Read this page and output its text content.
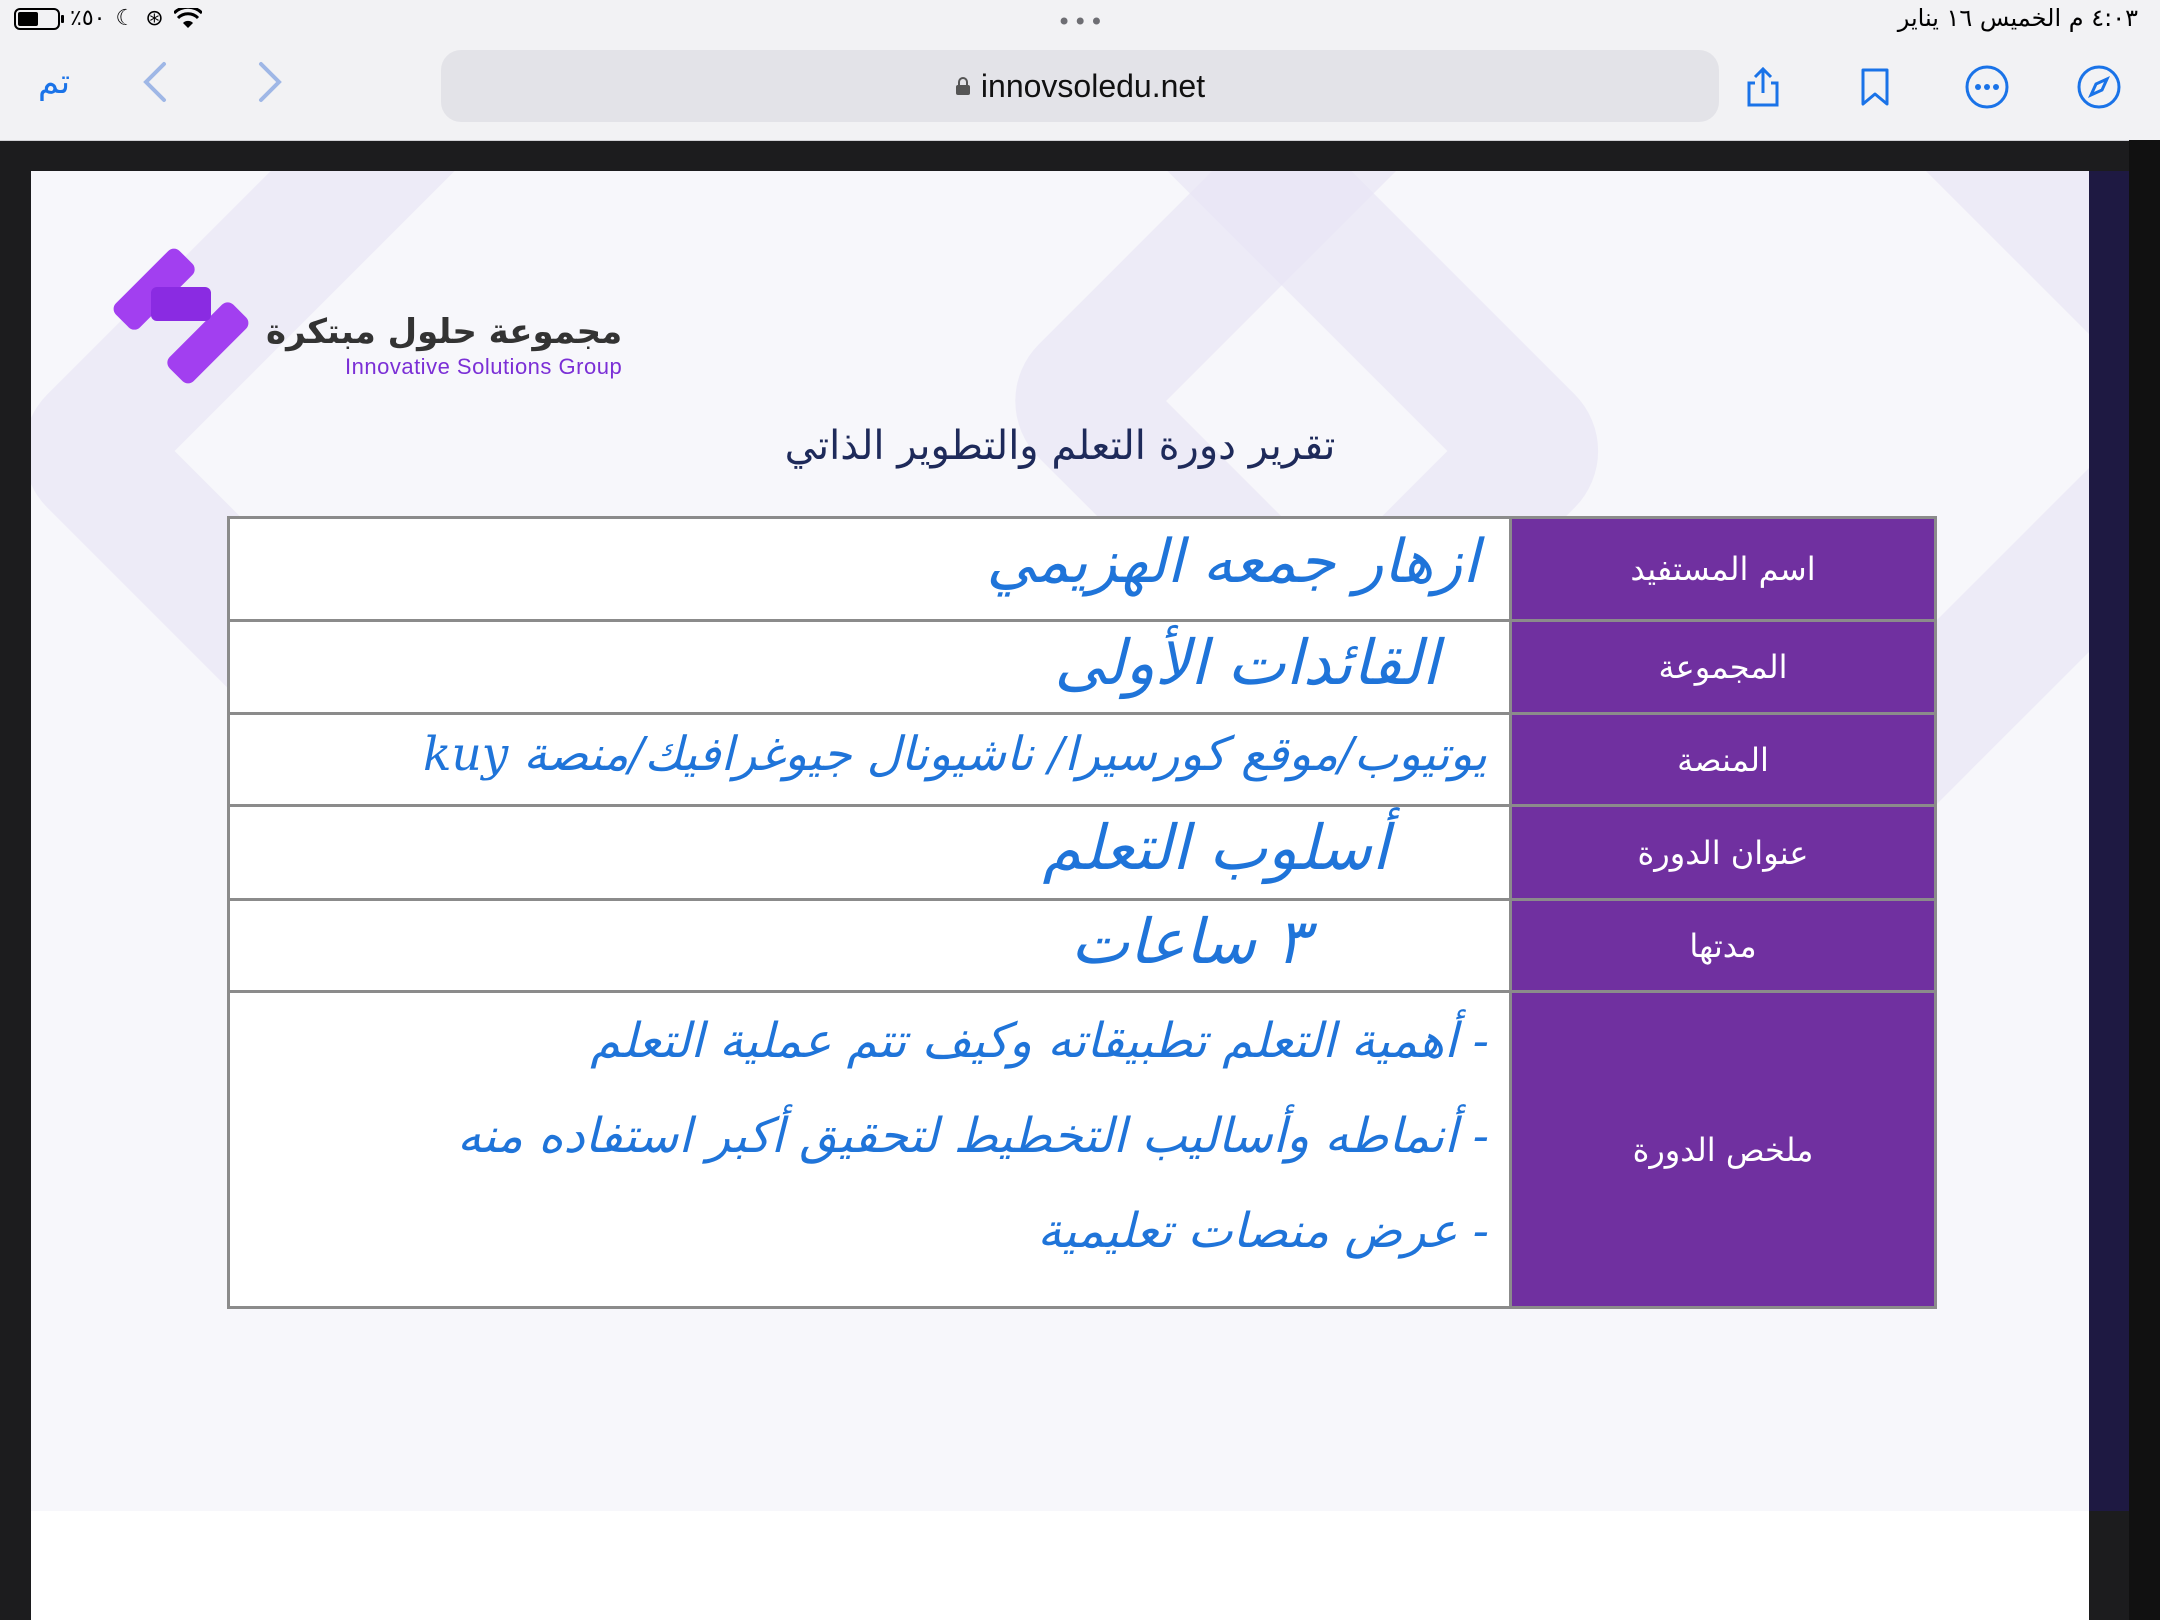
٪٥٠ ☾ ⊛	•••	٤:٠٣ م الخميس ١٦ يناير
تم	innovsoledu.net
مجموعة حلول مبتكرة
Innovative Solutions Group
تقرير دورة التعلم والتطوير الذاتي
اسم المستفيد	ازهار جمعه الهزيمي

المجموعة	القائدات الأولى

المنصة	يوتيوب/موقع كورسيرا/ ناشيونال جيوغرافيك/منصة kuy

عنوان الدورة	أسلوب التعلم

مدتها	٣ ساعات

ملخص الدورة	- أهمية التعلم تطبيقاته وكيف تتم عملية التعلم
- أنماطه وأساليب التخطيط لتحقيق أكبر استفاده منه
- عرض منصات تعليمية
